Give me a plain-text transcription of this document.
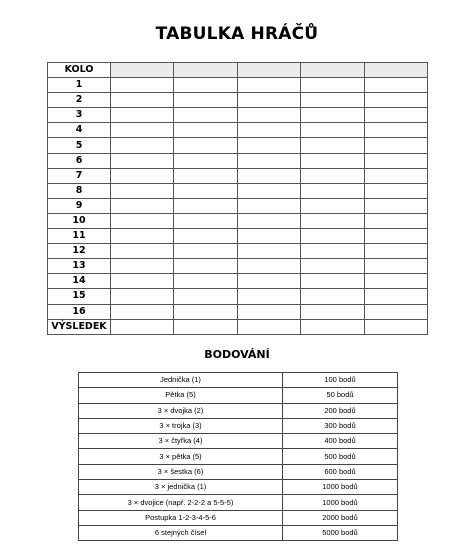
TABULKA HRÁČŮ
KOLO					
1					
2					
3					
4					
5					
6					
7					
8					
9					
10					
11					
12					
13					
14					
15					
16					
VÝSLEDEK					
BODOVÁNÍ
Jednička (1)	100 bodů
Pětka (5)	50 bodů
3 × dvojka (2)	200 bodů
3 × trojka (3)	300 bodů
3 × čtyřka (4)	400 bodů
3 × pětka (5)	500 bodů
3 × šestka (6)	600 bodů
3 × jednička (1)	1000 bodů
3 × dvojice (např. 2-2-2 a 5-5-5)	1000 bodů
Postupka 1-2-3-4-5-6	2000 bodů
6 stejných čísel	5000 bodů
